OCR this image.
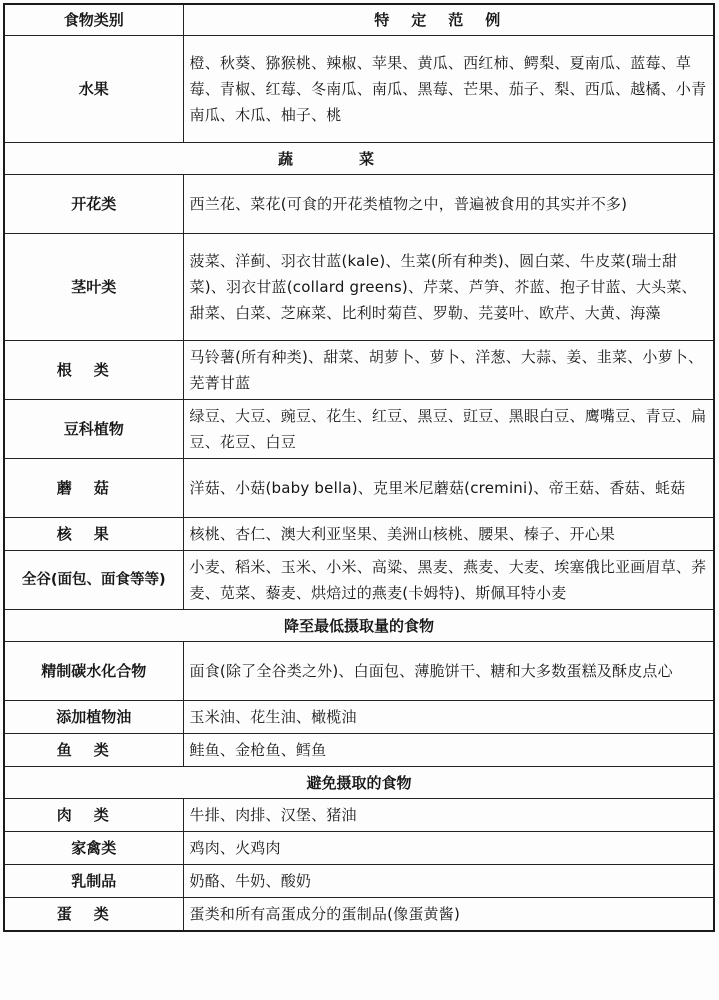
食物类别	特定范例
水果	橙、秋葵、猕猴桃、辣椒、苹果、黄瓜、西红柿、鳄梨、夏南瓜、蓝莓、草莓、青椒、红莓、冬南瓜、南瓜、黑莓、芒果、茄子、梨、西瓜、越橘、小青南瓜、木瓜、柚子、桃
蔬菜	
开花类	西兰花、菜花(可食的开花类植物之中，普遍被食用的其实并不多)
茎叶类	菠菜、洋蓟、羽衣甘蓝(kale)、生菜(所有种类)、圆白菜、牛皮菜(瑞士甜菜)、羽衣甘蓝(collard greens)、芹菜、芦笋、芥蓝、抱子甘蓝、大头菜、甜菜、白菜、芝麻菜、比利时菊苣、罗勒、芫荽叶、欧芹、大黄、海藻
根类	马铃薯(所有种类)、甜菜、胡萝卜、萝卜、洋葱、大蒜、姜、韭菜、小萝卜、芜菁甘蓝
豆科植物	绿豆、大豆、豌豆、花生、红豆、黑豆、豇豆、黑眼白豆、鹰嘴豆、青豆、扁豆、花豆、白豆
蘑菇	洋菇、小菇(baby bella)、克里米尼蘑菇(cremini)、帝王菇、香菇、蚝菇
核果	核桃、杏仁、澳大利亚坚果、美洲山核桃、腰果、榛子、开心果
全谷(面包、面食等等)	小麦、稻米、玉米、小米、高粱、黑麦、燕麦、大麦、埃塞俄比亚画眉草、荞麦、苋菜、藜麦、烘焙过的燕麦(卡姆特)、斯佩耳特小麦
降至最低摄取量的食物	
精制碳水化合物	面食(除了全谷类之外)、白面包、薄脆饼干、糖和大多数蛋糕及酥皮点心
添加植物油	玉米油、花生油、橄榄油
鱼类	鲑鱼、金枪鱼、鳕鱼
避免摄取的食物	
肉类	牛排、肉排、汉堡、猪油
家禽类	鸡肉、火鸡肉
乳制品	奶酪、牛奶、酸奶
蛋类	蛋类和所有高蛋成分的蛋制品(像蛋黄酱)
